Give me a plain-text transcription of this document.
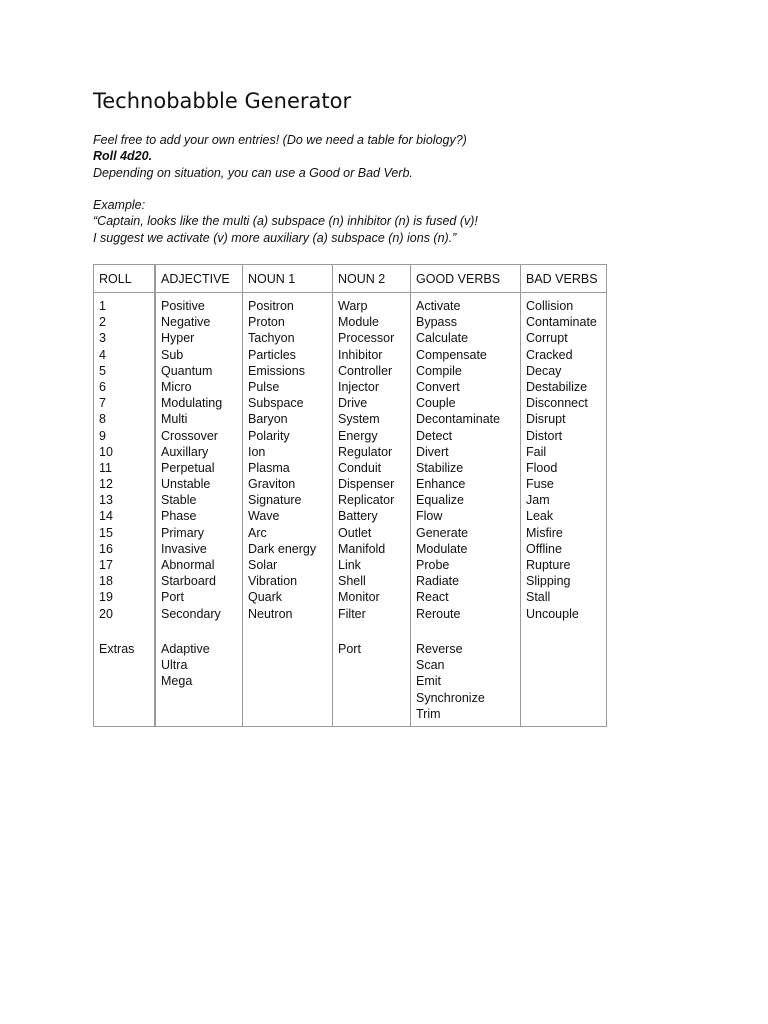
Technobabble Generator
Feel free to add your own entries! (Do we need a table for biology?)
Roll 4d20.
Depending on situation, you can use a Good or Bad Verb.
Example:
“Captain, looks like the multi (a) subspace (n) inhibitor (n) is fused (v)!
I suggest we activate (v) more auxiliary (a) subspace (n) ions (n).”
ROLL
1
2
3
4
5
6
7
8
9
10
11
12
13
14
15
16
17
18
19
20
Extras
ADJECTIVE
Positive
Negative
Hyper
Sub
Quantum
Micro
Modulating
Multi
Crossover
Auxillary
Perpetual
Unstable
Stable
Phase
Primary
Invasive
Abnormal
Starboard
Port
Secondary
Adaptive
Ultra
Mega
NOUN 1
Positron
Proton
Tachyon
Particles
Emissions
Pulse
Subspace
Baryon
Polarity
Ion
Plasma
Graviton
Signature
Wave
Arc
Dark energy
Solar
Vibration
Quark
Neutron
NOUN 2
Warp
Module
Processor
Inhibitor
Controller
Injector
Drive
System
Energy
Regulator
Conduit
Dispenser
Replicator
Battery
Outlet
Manifold
Link
Shell
Monitor
Filter
Port
GOOD VERBS
Activate
Bypass
Calculate
Compensate
Compile
Convert
Couple
Decontaminate
Detect
Divert
Stabilize
Enhance
Equalize
Flow
Generate
Modulate
Probe
Radiate
React
Reroute
Reverse
Scan
Emit
Synchronize
Trim
BAD VERBS
Collision
Contaminate
Corrupt
Cracked
Decay
Destabilize
Disconnect
Disrupt
Distort
Fail
Flood
Fuse
Jam
Leak
Misfire
Offline
Rupture
Slipping
Stall
Uncouple
